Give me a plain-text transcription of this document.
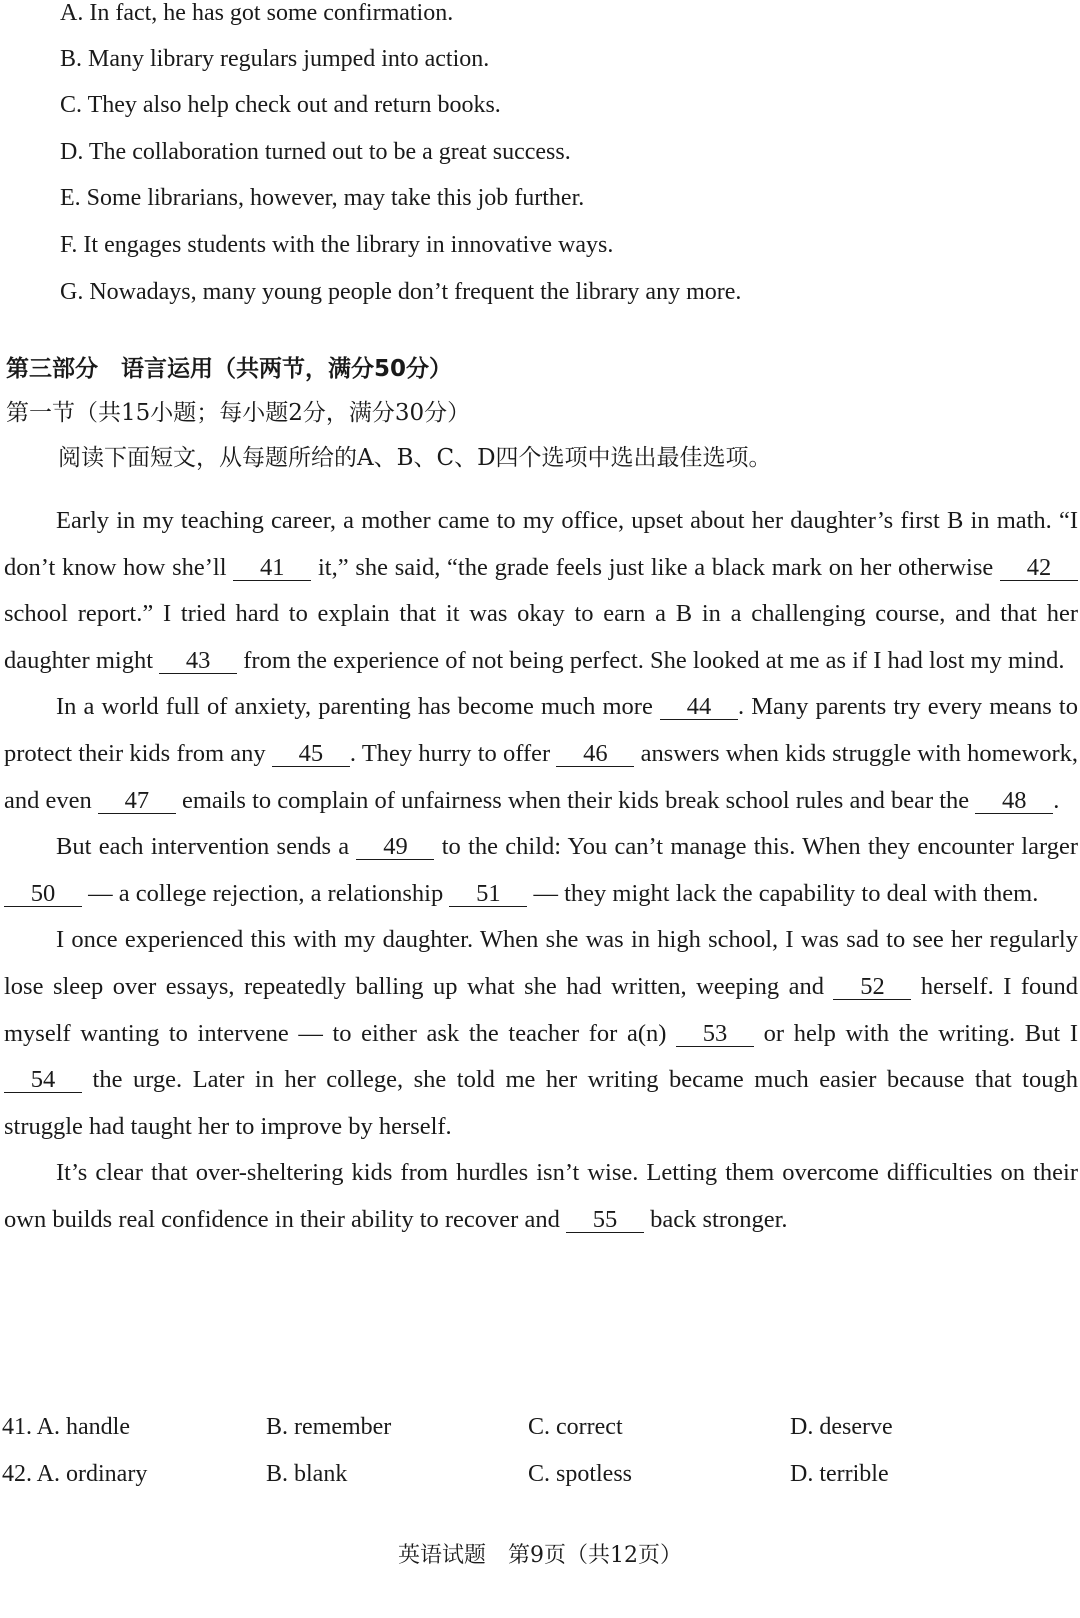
A. In fact, he has got some confirmation.
B. Many library regulars jumped into action.
C. They also help check out and return books.
D. The collaboration turned out to be a great success.
E. Some librarians, however, may take this job further.
F. It engages students with the library in innovative ways.
G. Nowadays, many young people don’t frequent the library any more.
第三部分　语言运用（共两节，满分50分）
第一节（共15小题；每小题2分，满分30分）
阅读下面短文，从每题所给的A、B、C、D四个选项中选出最佳选项。

Early in my teaching career, a mother came to my office, upset about her daughter’s first B in math. “I don’t know how she’ll 41 it,” she said, “the grade feels just like a black mark on her otherwise 42 school report.” I tried hard to explain that it was okay to earn a B in a challenging course, and that her daughter might 43 from the experience of not being perfect. She looked at me as if I had lost my mind.

In a world full of anxiety, parenting has become much more 44 . Many parents try every means to protect their kids from any 45 . They hurry to offer 46 answers when kids struggle with homework, and even 47 emails to complain of unfairness when their kids break school rules and bear the 48 .

But each intervention sends a 49 to the child: You can’t manage this. When they encounter larger 50 — a college rejection, a relationship 51 — they might lack the capability to deal with them.

I once experienced this with my daughter. When she was in high school, I was sad to see her regularly lose sleep over essays, repeatedly balling up what she had written, weeping and 52 herself. I found myself wanting to intervene — to either ask the teacher for a(n) 53 or help with the writing. But I 54 the urge. Later in her college, she told me her writing became much easier because that tough struggle had taught her to improve by herself.

It’s clear that over-sheltering kids from hurdles isn’t wise. Letting them overcome difficulties on their own builds real confidence in their ability to recover and 55 back stronger.

41. A. handle	B. remember	C. correct	D. deserve
42. A. ordinary	B. blank	C. spotless	D. terrible
英语试题　第9页（共12页）
